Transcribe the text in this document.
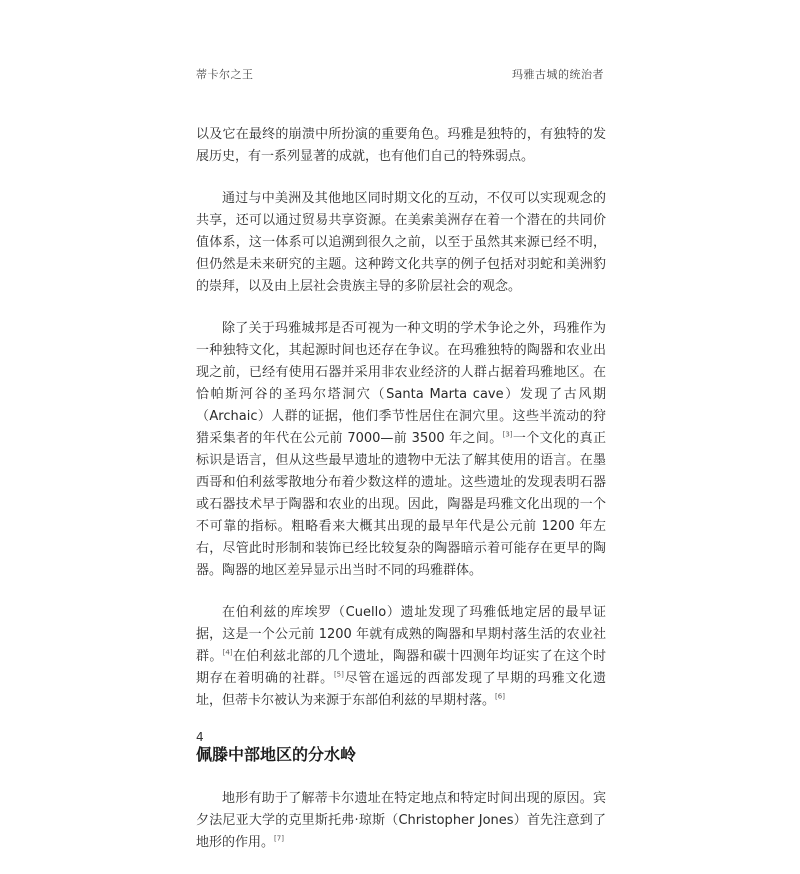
蒂卡尔之王	玛雅古城的统治者

以及它在最终的崩溃中所扮演的重要角色。玛雅是独特的，有独特的发展历史，有一系列显著的成就，也有他们自己的特殊弱点。

通过与中美洲及其他地区同时期文化的互动，不仅可以实现观念的共享，还可以通过贸易共享资源。在美索美洲存在着一个潜在的共同价值体系，这一体系可以追溯到很久之前，以至于虽然其来源已经不明，但仍然是未来研究的主题。这种跨文化共享的例子包括对羽蛇和美洲豹的崇拜，以及由上层社会贵族主导的多阶层社会的观念。

除了关于玛雅城邦是否可视为一种文明的学术争论之外，玛雅作为一种独特文化，其起源时间也还存在争议。在玛雅独特的陶器和农业出现之前，已经有使用石器并采用非农业经济的人群占据着玛雅地区。在恰帕斯河谷的圣玛尔塔洞穴（Santa Marta cave）发现了古风期（Archaic）人群的证据，他们季节性居住在洞穴里。这些半流动的狩猎采集者的年代在公元前 7000—前 3500 年之间。[3]一个文化的真正标识是语言，但从这些最早遗址的遗物中无法了解其使用的语言。在墨西哥和伯利兹零散地分布着少数这样的遗址。这些遗址的发现表明石器或石器技术早于陶器和农业的出现。因此，陶器是玛雅文化出现的一个不可靠的指标。粗略看来大概其出现的最早年代是公元前 1200 年左右，尽管此时形制和装饰已经比较复杂的陶器暗示着可能存在更早的陶器。陶器的地区差异显示出当时不同的玛雅群体。

在伯利兹的库埃罗（Cuello）遗址发现了玛雅低地定居的最早证据，这是一个公元前 1200 年就有成熟的陶器和早期村落生活的农业社群。[4]在伯利兹北部的几个遗址，陶器和碳十四测年均证实了在这个时期存在着明确的社群。[5]尽管在遥远的西部发现了早期的玛雅文化遗址，但蒂卡尔被认为来源于东部伯利兹的早期村落。[6]

佩滕中部地区的分水岭

地形有助于了解蒂卡尔遗址在特定地点和特定时间出现的原因。宾夕法尼亚大学的克里斯托弗·琼斯（Christopher Jones）首先注意到了地形的作用。[7]

4
